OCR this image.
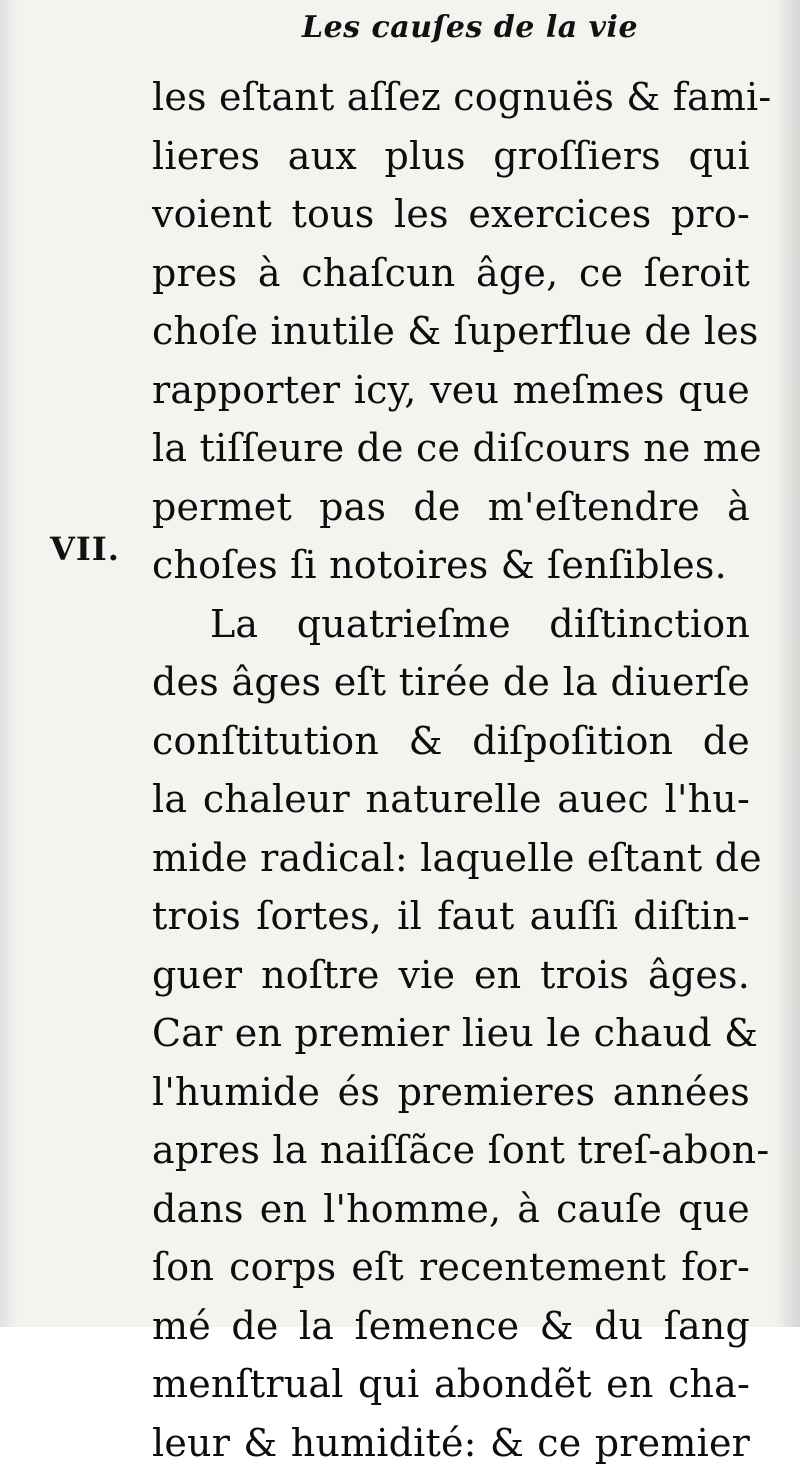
Les cauſes de la vie
VII.
les eſtant aſſez cognuës & fami-
lieres aux plus groſſiers qui
voient tous les exercices pro-
pres à chaſcun âge, ce ſeroit
choſe inutile & ſuperflue de les
rapporter icy, veu meſmes que
la tiſſeure de ce diſcours ne me
permet pas de m'eſtendre à
choſes ſi notoires & ſenſibles.
La quatrieſme diſtinction
des âges eſt tirée de la diuerſe
conſtitution & diſpoſition de
la chaleur naturelle auec l'hu-
mide radical: laquelle eſtant de
trois ſortes, il faut auſſi diſtin-
guer noſtre vie en trois âges.
Car en premier lieu le chaud &
l'humide és premieres années
apres la naiſſãce ſont treſ-abon-
dans en l'homme, à cauſe que
ſon corps eſt recentement for-
mé de la ſemence & du ſang
menſtrual qui abondẽt en cha-
leur & humidité: & ce premier
